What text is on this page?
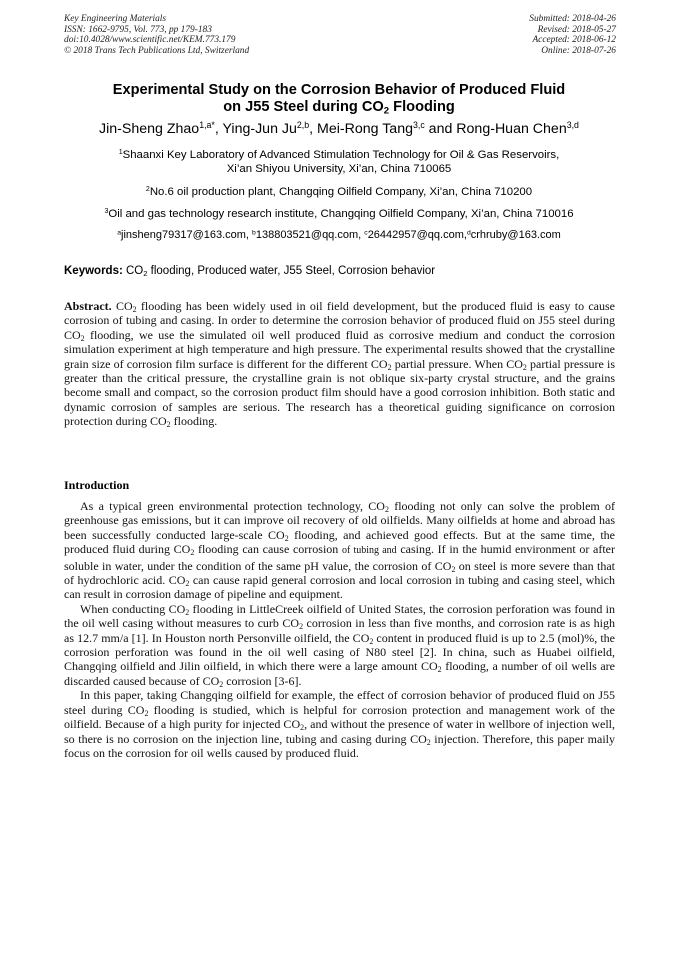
Key Engineering Materials
ISSN: 1662-9795, Vol. 773, pp 179-183
doi:10.4028/www.scientific.net/KEM.773.179
© 2018 Trans Tech Publications Ltd, Switzerland
Submitted: 2018-04-26
Revised: 2018-05-27
Accepted: 2018-06-12
Online: 2018-07-26
Experimental Study on the Corrosion Behavior of Produced Fluid
on J55 Steel during $CO_2$ Flooding
Jin-Sheng Zhao$^{1,a*}$, Ying-Jun Ju$^{2,b}$, Mei-Rong Tang$^{3,c}$ and Rong-Huan Chen$^{3,d}$
$^1$Shaanxi Key Laboratory of Advanced Stimulation Technology for Oil & Gas Reservoirs,
Xi’an Shiyou University, Xi’an, China 710065
$^2$No.6 oil production plant, Changqing Oilfield Company, Xi’an, China 710200
$^3$Oil and gas technology research institute, Changqing Oilfield Company, Xi’an, China 710016
$^a$jinsheng79317@163.com, $^b$138803521@qq.com, $^c$26442957@qq.com,$^d$crhruby@163.com
Keywords: $CO_2$ flooding, Produced water, J55 Steel, Corrosion behavior
Abstract. $CO_2$ flooding has been widely used in oil field development, but the produced fluid is easy to cause corrosion of tubing and casing. In order to determine the corrosion behavior of produced fluid on J55 steel during $CO_2$ flooding, we use the simulated oil well produced fluid as corrosive medium and conduct the corrosion simulation experiment at high temperature and high pressure. The experimental results showed that the crystalline grain size of corrosion film surface is different for the different $CO_2$ partial pressure. When $CO_2$ partial pressure is greater than the critical pressure, the crystalline grain is not oblique six-party crystal structure, and the grains become small and compact, so the corrosion product film should have a good corrosion inhibition. Both static and dynamic corrosion of samples are serious. The research has a theoretical guiding significance on corrosion protection during $CO_2$ flooding.
Introduction

As a typical green environmental protection technology, $CO_2$ flooding not only can solve the problem of greenhouse gas emissions, but it can improve oil recovery of old oilfields. Many oilfields at home and abroad has been successfully conducted large-scale $CO_2$ flooding, and achieved good effects. But at the same time, the produced fluid during $CO_2$ flooding can cause corrosion of tubing and casing. If in the humid environment or after soluble in water, under the condition of the same pH value, the corrosion of $CO_2$ on steel is more severe than that of hydrochloric acid. $CO_2$ can cause rapid general corrosion and local corrosion in tubing and casing steel, which can result in corrosion damage of pipeline and equipment.

When conducting $CO_2$ flooding in LittleCreek oilfield of United States, the corrosion perforation was found in the oil well casing without measures to curb $CO_2$ corrosion in less than five months, and corrosion rate is as high as 12.7 mm/a [1]. In Houston north Personville oilfield, the $CO_2$ content in produced fluid is up to 2.5 (mol)%, the corrosion perforation was found in the oil well casing of N80 steel [2]. In china, such as Huabei oilfield, Changqing oilfield and Jilin oilfield, in which there were a large amount $CO_2$ flooding, a number of oil wells are discarded caused because of $CO_2$ corrosion [3-6].

In this paper, taking Changqing oilfield for example, the effect of corrosion behavior of produced fluid on J55 steel during $CO_2$ flooding is studied, which is helpful for corrosion protection and management work of the oilfield. Because of a high purity for injected $CO_2$, and without the presence of water in wellbore of injection well, so there is no corrosion on the injection line, tubing and casing during $CO_2$ injection. Therefore, this paper maily focus on the corrosion for oil wells caused by produced fluid.
